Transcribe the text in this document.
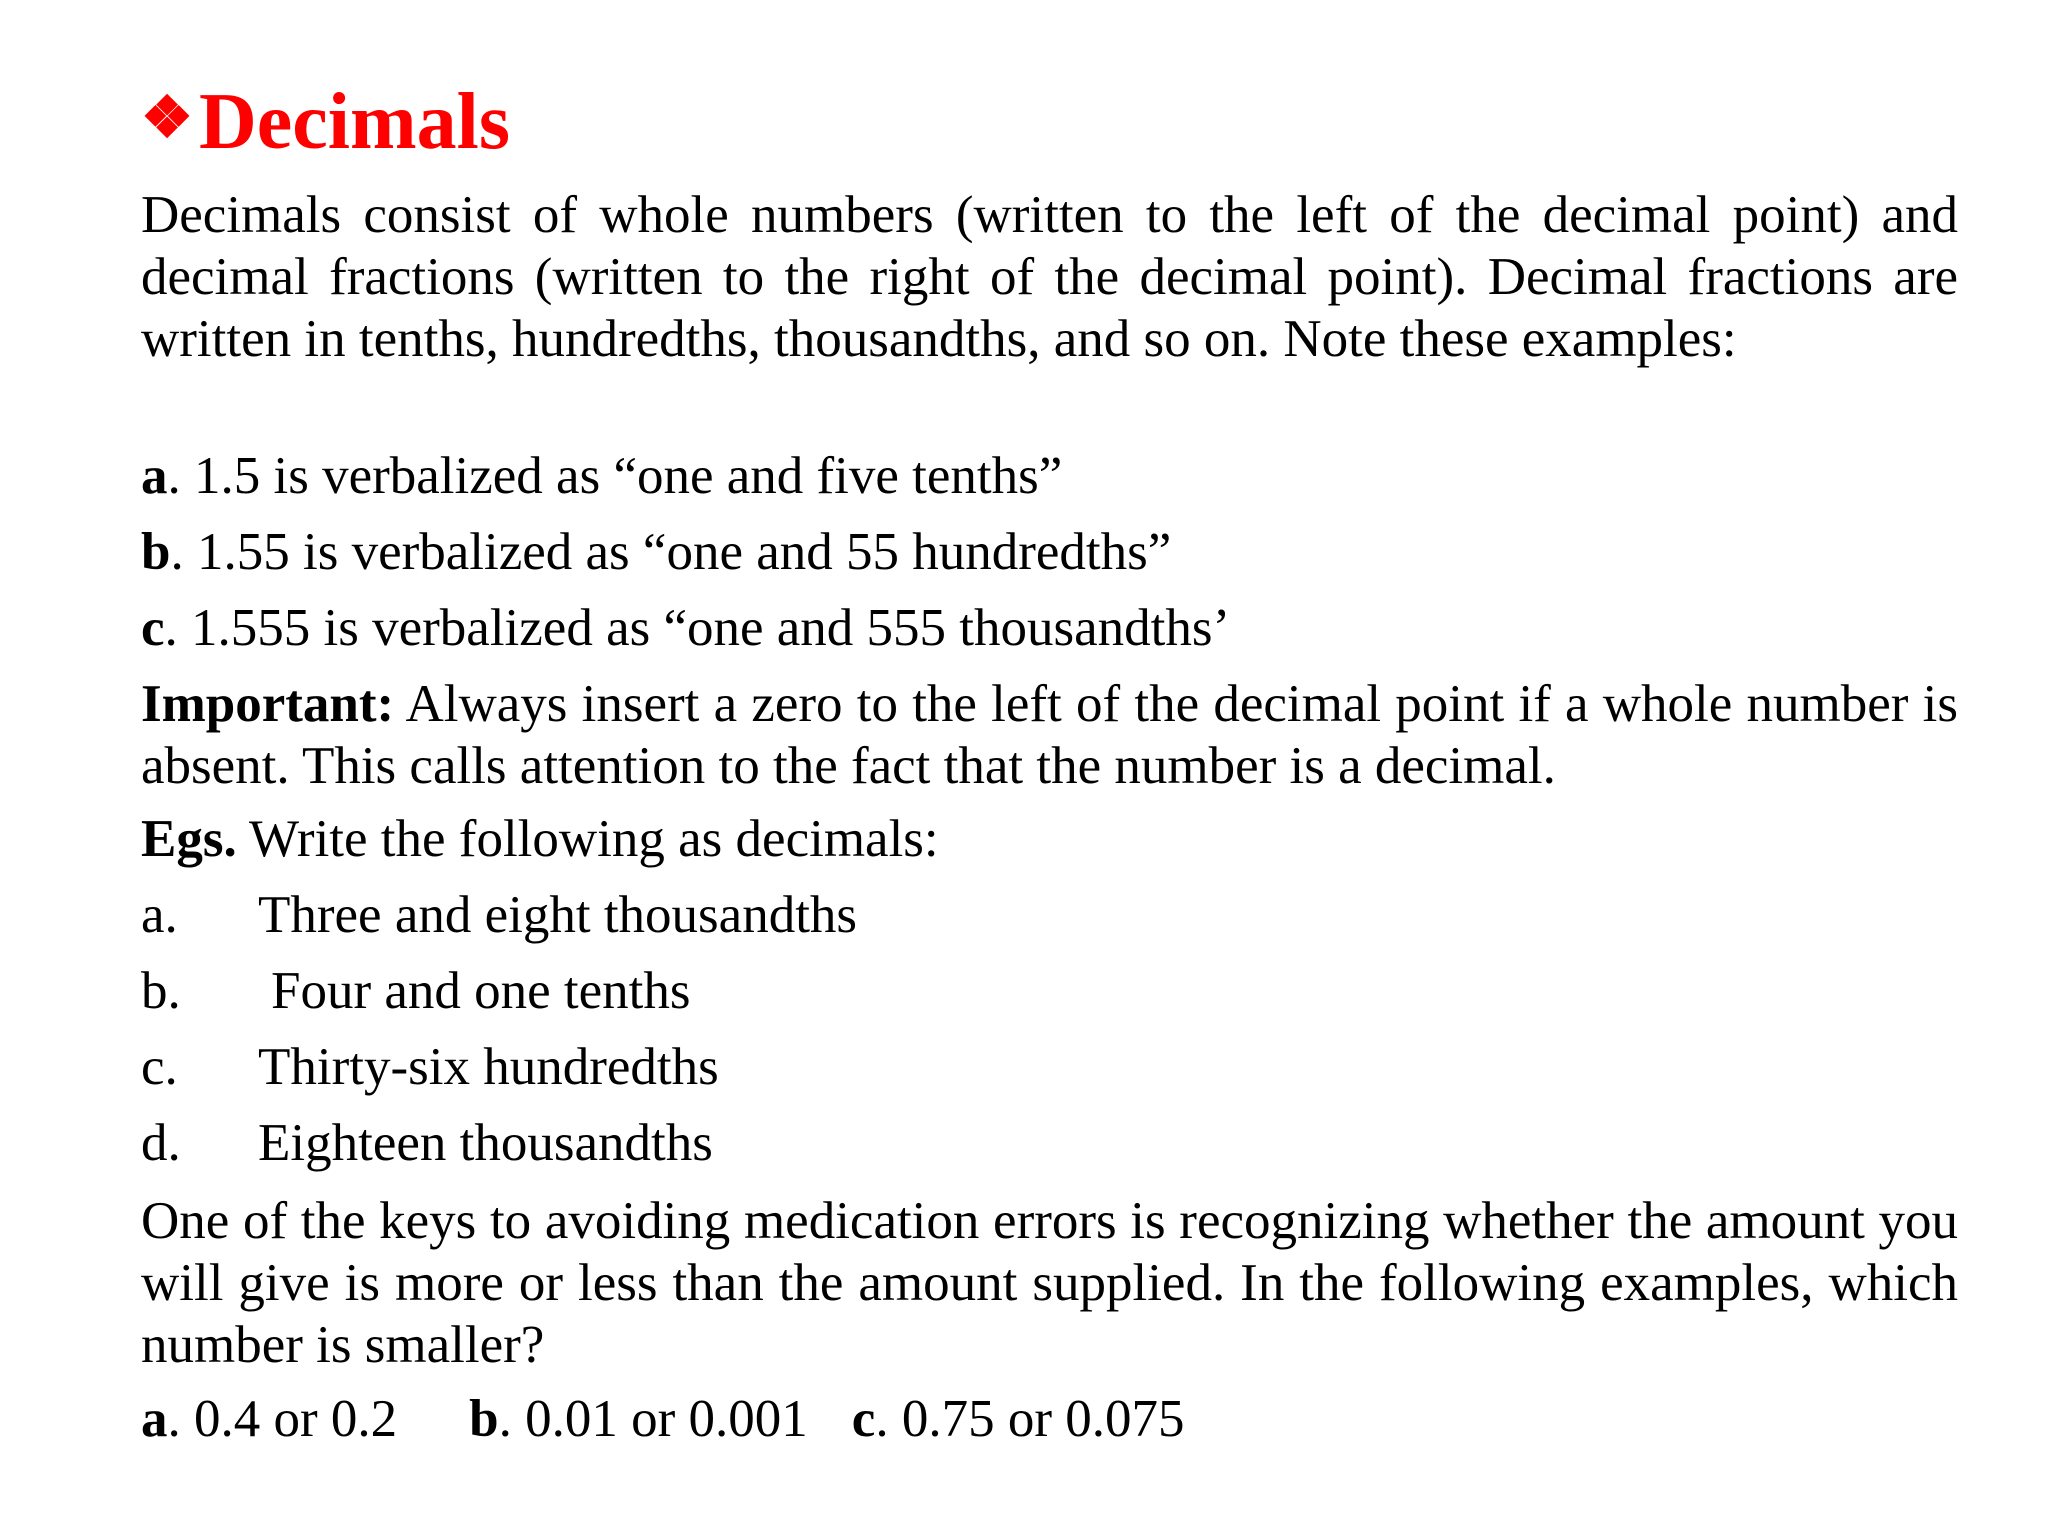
❖ Decimals
Decimals consist of whole numbers (written to the left of the decimal point) and decimal fractions (written to the right of the decimal point). Decimal fractions are written in tenths, hundredths, thousandths, and so on. Note these examples:
a. 1.5 is verbalized as “one and five tenths”
b. 1.55 is verbalized as “one and 55 hundredths”
c. 1.555 is verbalized as “one and 555 thousandths’
Important: Always insert a zero to the left of the decimal point if a whole number is absent. This calls attention to the fact that the number is a decimal.
Egs. Write the following as decimals:
a. Three and eight thousandths
b. Four and one tenths
c. Thirty-six hundredths
d. Eighteen thousandths
One of the keys to avoiding medication errors is recognizing whether the amount you will give is more or less than the amount supplied. In the following examples, which number is smaller?
a. 0.4 or 0.2 b. 0.01 or 0.001 c. 0.75 or 0.075
